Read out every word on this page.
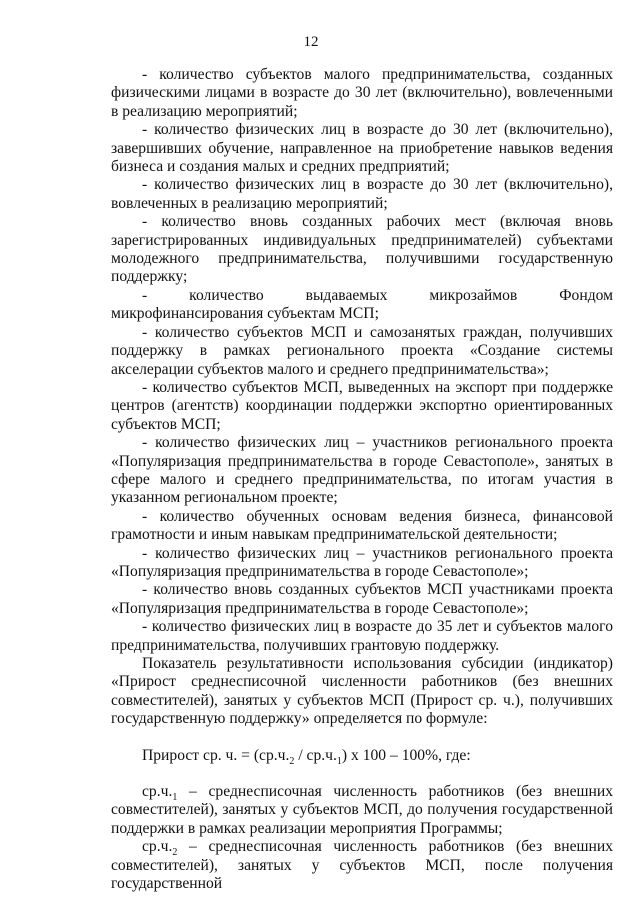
12

- количество субъектов малого предпринимательства, созданных физическими лицами в возрасте до 30 лет (включительно), вовлеченными в реализацию мероприятий;

- количество физических лиц в возрасте до 30 лет (включительно), завершивших обучение, направленное на приобретение навыков ведения бизнеса и создания малых и средних предприятий;

- количество физических лиц в возрасте до 30 лет (включительно), вовлеченных в реализацию мероприятий;

- количество вновь созданных рабочих мест (включая вновь зарегистрированных индивидуальных предпринимателей) субъектами молодежного предпринимательства, получившими государственную поддержку;

- количество выдаваемых микрозаймов Фондом микрофинансирования субъектам МСП;

- количество субъектов МСП и самозанятых граждан, получивших поддержку в рамках регионального проекта «Создание системы акселерации субъектов малого и среднего предпринимательства»;

- количество субъектов МСП, выведенных на экспорт при поддержке центров (агентств) координации поддержки экспортно ориентированных субъектов МСП;

- количество физических лиц – участников регионального проекта «Популяризация предпринимательства в городе Севастополе», занятых в сфере малого и среднего предпринимательства, по итогам участия в указанном региональном проекте;

- количество обученных основам ведения бизнеса, финансовой грамотности и иным навыкам предпринимательской деятельности;

- количество физических лиц – участников регионального проекта «Популяризация предпринимательства в городе Севастополе»;

- количество вновь созданных субъектов МСП участниками проекта «Популяризация предпринимательства в городе Севастополе»;

- количество физических лиц в возрасте до 35 лет и субъектов малого предпринимательства, получивших грантовую поддержку.

Показатель результативности использования субсидии (индикатор) «Прирост среднесписочной численности работников (без внешних совместителей), занятых у субъектов МСП (Прирост ср. ч.), получивших государственную поддержку» определяется по формуле:

Прирост ср. ч. = $(ср.ч._2 / ср.ч._1)$ x 100 – 100%, где:

$ср.ч._1$ – среднесписочная численность работников (без внешних совместителей), занятых у субъектов МСП, до получения государственной поддержки в рамках реализации мероприятия Программы;

$ср.ч._2$ – среднесписочная численность работников (без внешних совместителей), занятых у субъектов МСП, после получения государственной
